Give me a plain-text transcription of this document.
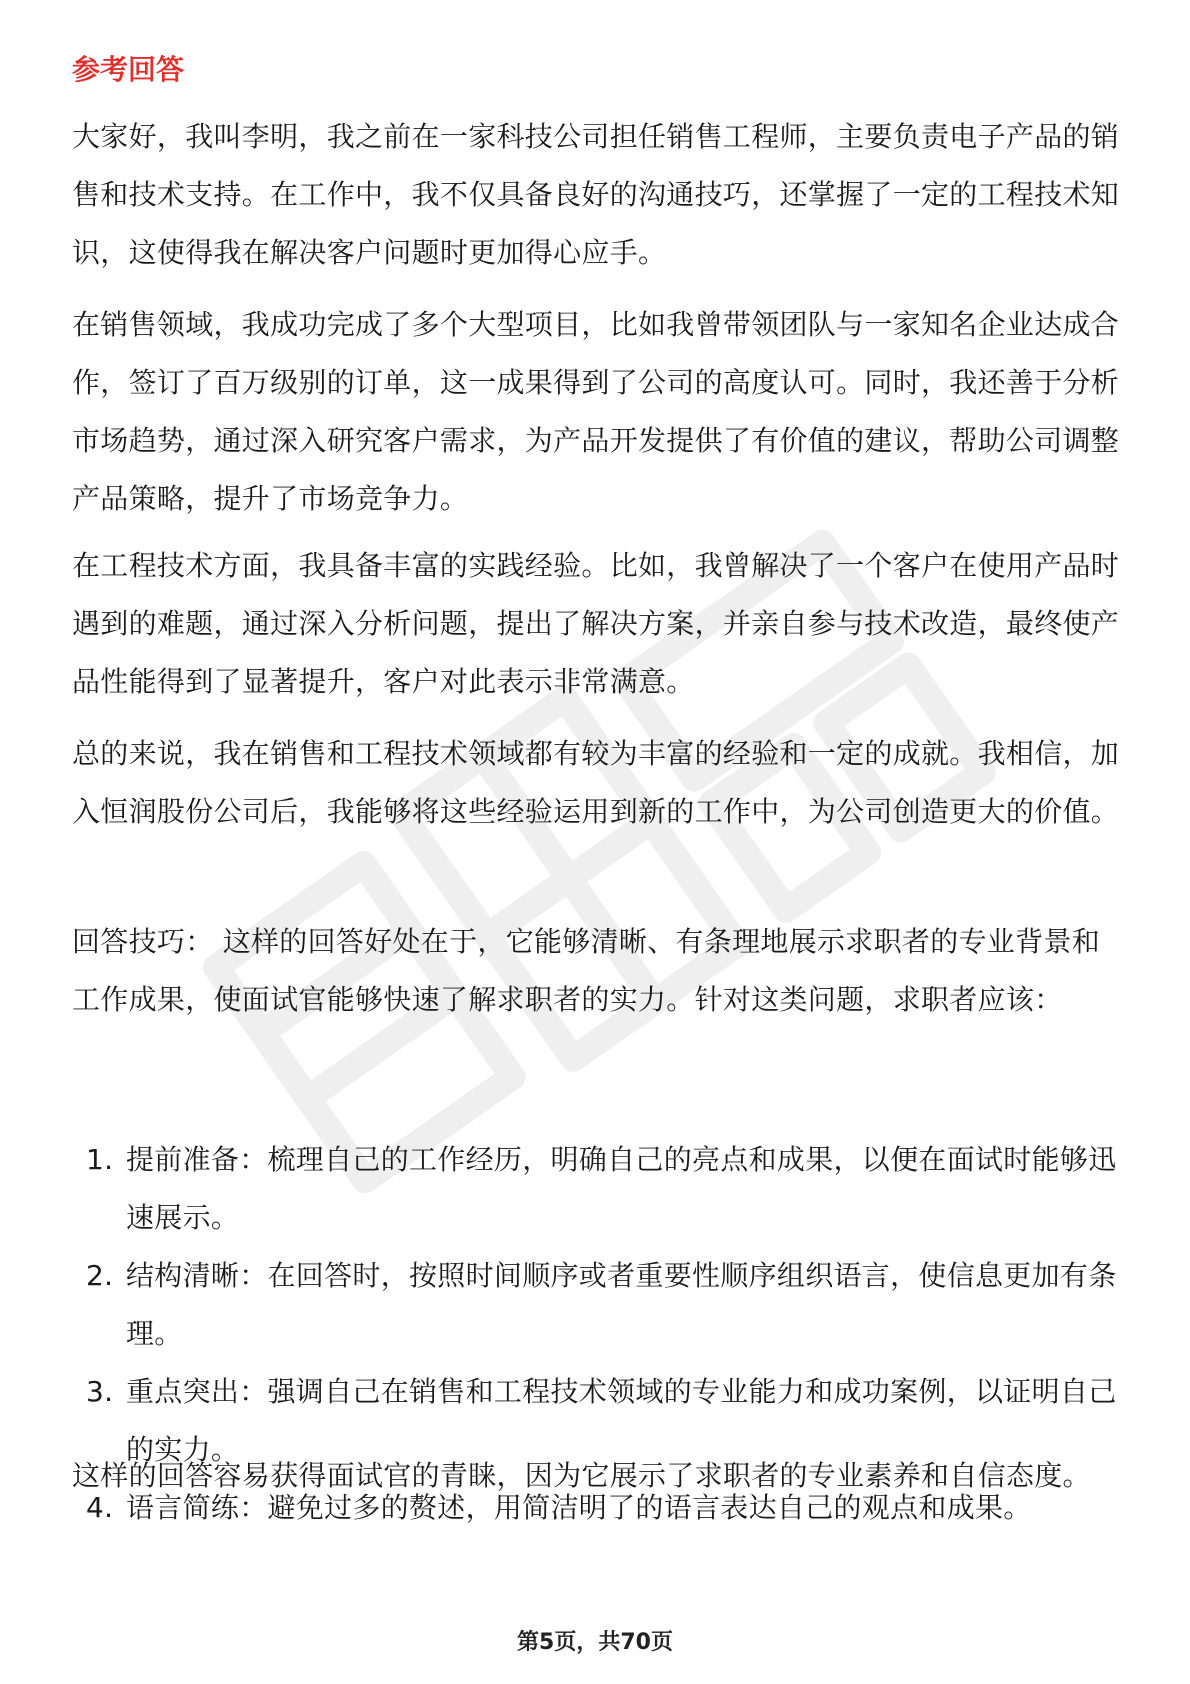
参考回答

大家好，我叫李明，我之前在一家科技公司担任销售工程师，主要负责电子产品的销售和技术支持。在工作中，我不仅具备良好的沟通技巧，还掌握了一定的工程技术知识，这使得我在解决客户问题时更加得心应手。

在销售领域，我成功完成了多个大型项目，比如我曾带领团队与一家知名企业达成合作，签订了百万级别的订单，这一成果得到了公司的高度认可。同时，我还善于分析市场趋势，通过深入研究客户需求，为产品开发提供了有价值的建议，帮助公司调整产品策略，提升了市场竞争力。

在工程技术方面，我具备丰富的实践经验。比如，我曾解决了一个客户在使用产品时遇到的难题，通过深入分析问题，提出了解决方案，并亲自参与技术改造，最终使产品性能得到了显著提升，客户对此表示非常满意。

总的来说，我在销售和工程技术领域都有较为丰富的经验和一定的成就。我相信，加入恒润股份公司后，我能够将这些经验运用到新的工作中，为公司创造更大的价值。

回答技巧： 这样的回答好处在于，它能够清晰、有条理地展示求职者的专业背景和工作成果，使面试官能够快速了解求职者的实力。针对这类问题，求职者应该：

1. 提前准备：梳理自己的工作经历，明确自己的亮点和成果，以便在面试时能够迅速展示。
2. 结构清晰：在回答时，按照时间顺序或者重要性顺序组织语言，使信息更加有条理。
3. 重点突出：强调自己在销售和工程技术领域的专业能力和成功案例，以证明自己的实力。
4. 语言简练：避免过多的赘述，用简洁明了的语言表达自己的观点和成果。

这样的回答容易获得面试官的青睐，因为它展示了求职者的专业素养和自信态度。

第5页，共70页
